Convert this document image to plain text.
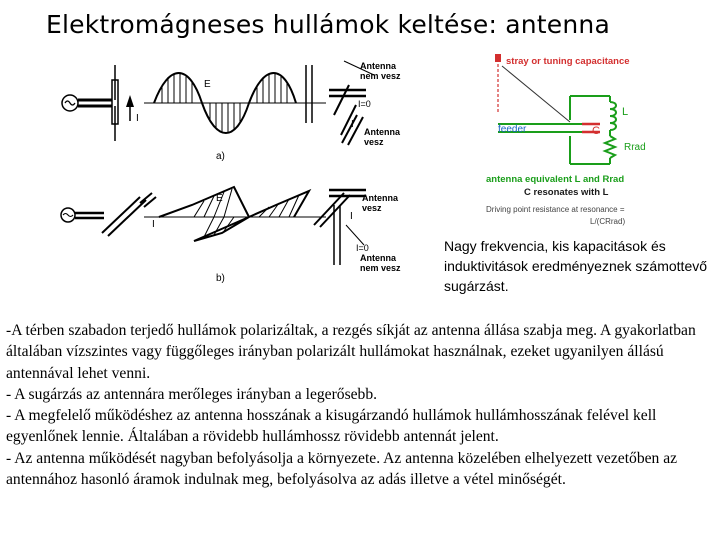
Elektromágneses hullámok keltése: antenna
I
E
I
I=0
Antenna nem vesz
Antenna vesz
a)
I
E
I
I=0
Antenna vesz
Antenna nem vesz
b)
stray or tuning capacitance
C
L
Rrad
feeder
antenna equivalent L and Rrad
C resonates with L
Driving point resistance at resonance =
L/(CRrad)
Nagy frekvencia, kis kapacitások és induktivitások eredményeznek számottevő sugárzást.

-A térben szabadon terjedő hullámok polarizáltak, a rezgés síkját az antenna állása szabja meg. A gyakorlatban általában vízszintes vagy függőleges irányban polarizált hullámokat használnak, ezeket ugyanilyen állású antennával lehet venni.

- A sugárzás az antennára merőleges irányban a legerősebb.

- A megfelelő működéshez az antenna hosszának a kisugárzandó hullámok hullámhosszának felével kell egyenlőnek lennie. Általában a rövidebb hullámhossz rövidebb antennát jelent.

- Az antenna működését nagyban befolyásolja a környezete. Az antenna közelében elhelyezett vezetőben az antennához hasonló áramok indulnak meg, befolyásolva az adás illetve a vétel minőségét.
